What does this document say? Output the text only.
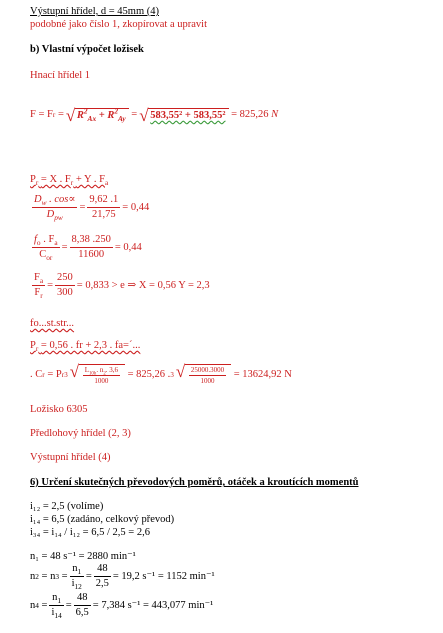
Výstupní hřídel, d = 45mm (4)
podobné jako číslo 1, zkopírovat a upravit
b) Vlastní výpočet ložisek
Hnací hřídel 1
F = F r
= √ $R^2_{Ax} + R^2_{Ay}$
= √ 583,55² + 583,55²
= 825,26
N
$P_r = X$ . $F_r + Y$ . $F_a$
$\frac{D_w . \cos\propto}{D_{pw}} = \frac{9,62 .1}{21,75} = 0,44$
$\frac{f_o . F_a}{C_{or}} = \frac{8,38 .250}{11600} = 0,44$
$\frac{F_a}{F_r} = \frac{250}{300} = 0,833 > e$ ⇒ X = 0,56 Y = 2,3
fo...st.str...
$P_r = 0,56$ . fr + 2,3 . fa=´...
. C r
= P r 3 √ $\frac{L_{10h}. n_2. 3,6}{1000}$
= 825,26 . 3 √ $\frac{25000.3000}{1000}$
= 13624,92 N
Ložisko 6305
Předlohový hřídel (2, 3)
Výstupní hřídel (4)
6) Určení skutečných převodových poměrů, otáček a kroutících momentů
i₁₂ = 2,5 (volíme)
i₁₄ = 6,5 (zadáno, celkový převod)
i₃₄ = i₁₄ / i₁₂ = 6,5 / 2,5 = 2,6
n₁ = 48 s⁻¹ = 2880 min⁻¹
n 2
= n 3
= $\frac{n_1}{i_{12}} = \frac{48}{2,5} = 19,2$ s⁻¹ = 1152 min⁻¹
n 4
= $\frac{n_1}{i_{14}} = \frac{48}{6,5} = 7,384$ s⁻¹ = 443,077 min⁻¹
